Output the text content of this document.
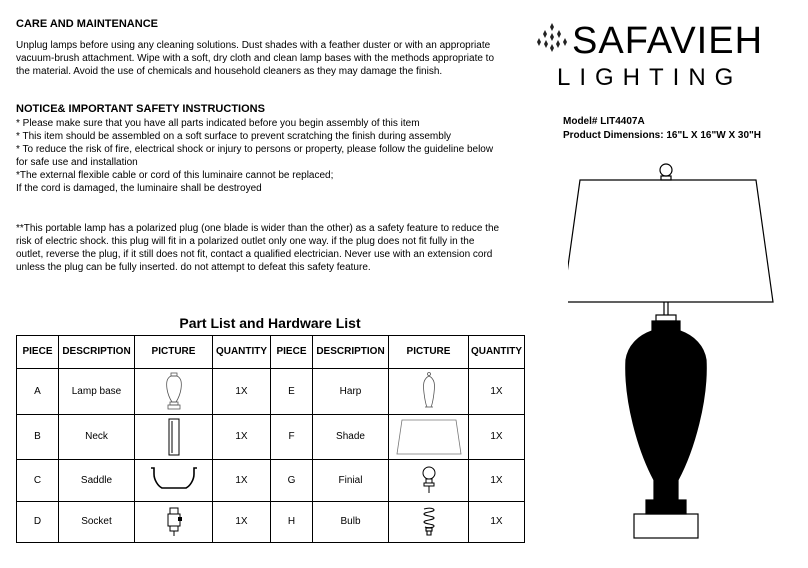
CARE AND MAINTENANCE
Unplug lamps before using any cleaning solutions. Dust shades with a feather duster or with an appropriate
vacuum-brush attachment. Wipe with a soft, dry cloth and clean lamp bases with the methods appropriate to
the material. Avoid the use of chemicals and household cleaners as they may damage the finish.
NOTICE& IMPORTANT SAFETY INSTRUCTIONS
* Please make sure that you have all parts indicated before you begin assembly of this item
* This item should be assembled on a soft surface to prevent scratching the finish during assembly
* To reduce the risk of fire, electrical shock or injury to persons or property, please follow the guideline below
for safe use and installation
*The external flexible cable or cord of this luminaire cannot be replaced;
If the cord is damaged, the luminaire shall be destroyed
**This portable lamp has a polarized plug (one blade is wider than the other) as a safety feature to reduce the
risk of electric shock. this plug will fit in a polarized outlet only one way. if the plug does not fit fully in the
outlet, reverse the plug, if it still does not fit, contact a qualified electrician. Never use with an extension cord
unless the plug can be fully inserted. do not attempt to defeat this safety feature.
SAFAVIEH
LIGHTING
Model# LIT4407A
Product Dimensions: 16"L X 16"W X 30"H
Part List and Hardware List
PIECE	DESCRIPTION	PICTURE	QUANTITY	PIECE	DESCRIPTION	PICTURE	QUANTITY
A	Lamp base		1X	E	Harp		1X
B	Neck		1X	F	Shade		1X
C	Saddle		1X	G	Finial		1X
D	Socket		1X	H	Bulb		1X
